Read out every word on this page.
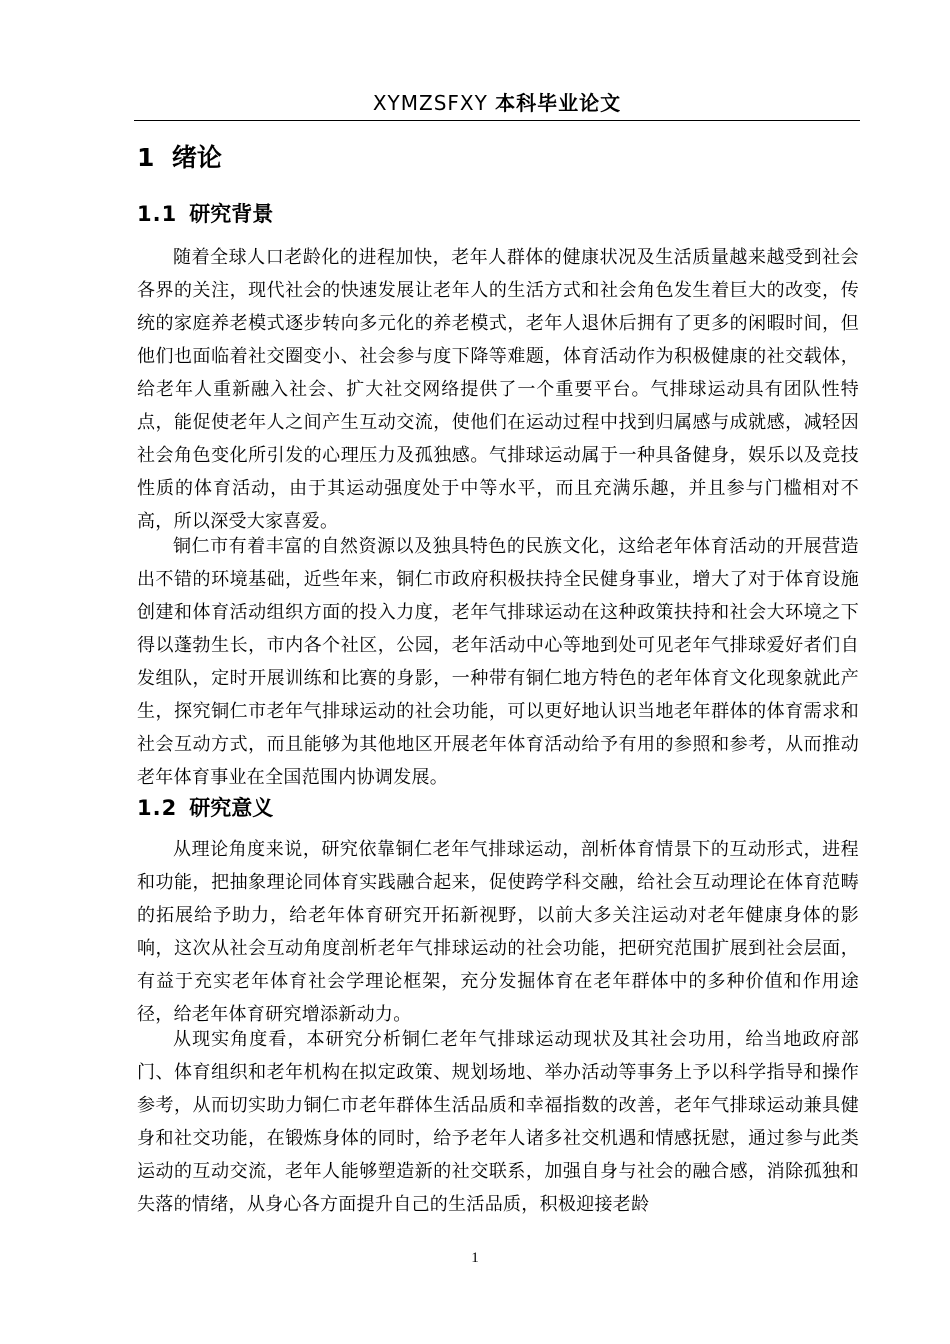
XYMZSFXY 本科毕业论文
1 绪论
1.1 研究背景

随着全球人口老龄化的进程加快，老年人群体的健康状况及生活质量越来越受到社会各界的关注，现代社会的快速发展让老年人的生活方式和社会角色发生着巨大的改变，传统的家庭养老模式逐步转向多元化的养老模式，老年人退休后拥有了更多的闲暇时间，但他们也面临着社交圈变小、社会参与度下降等难题，体育活动作为积极健康的社交载体，给老年人重新融入社会、扩大社交网络提供了一个重要平台。气排球运动具有团队性特点，能促使老年人之间产生互动交流，使他们在运动过程中找到归属感与成就感，减轻因社会角色变化所引发的心理压力及孤独感。气排球运动属于一种具备健身，娱乐以及竞技性质的体育活动，由于其运动强度处于中等水平，而且充满乐趣，并且参与门槛相对不高，所以深受大家喜爱。

铜仁市有着丰富的自然资源以及独具特色的民族文化，这给老年体育活动的开展营造出不错的环境基础，近些年来，铜仁市政府积极扶持全民健身事业，增大了对于体育设施创建和体育活动组织方面的投入力度，老年气排球运动在这种政策扶持和社会大环境之下得以蓬勃生长，市内各个社区，公园，老年活动中心等地到处可见老年气排球爱好者们自发组队，定时开展训练和比赛的身影，一种带有铜仁地方特色的老年体育文化现象就此产生，探究铜仁市老年气排球运动的社会功能，可以更好地认识当地老年群体的体育需求和社会互动方式，而且能够为其他地区开展老年体育活动给予有用的参照和参考，从而推动老年体育事业在全国范围内协调发展。

1.2 研究意义

从理论角度来说，研究依靠铜仁老年气排球运动，剖析体育情景下的互动形式，进程和功能，把抽象理论同体育实践融合起来，促使跨学科交融，给社会互动理论在体育范畴的拓展给予助力，给老年体育研究开拓新视野，以前大多关注运动对老年健康身体的影响，这次从社会互动角度剖析老年气排球运动的社会功能，把研究范围扩展到社会层面，有益于充实老年体育社会学理论框架，充分发掘体育在老年群体中的多种价值和作用途径，给老年体育研究增添新动力。

从现实角度看，本研究分析铜仁老年气排球运动现状及其社会功用，给当地政府部门、体育组织和老年机构在拟定政策、规划场地、举办活动等事务上予以科学指导和操作参考，从而切实助力铜仁市老年群体生活品质和幸福指数的改善，老年气排球运动兼具健身和社交功能，在锻炼身体的同时，给予老年人诸多社交机遇和情感抚慰，通过参与此类运动的互动交流，老年人能够塑造新的社交联系，加强自身与社会的融合感，消除孤独和失落的情绪，从身心各方面提升自己的生活品质，积极迎接老龄

1
